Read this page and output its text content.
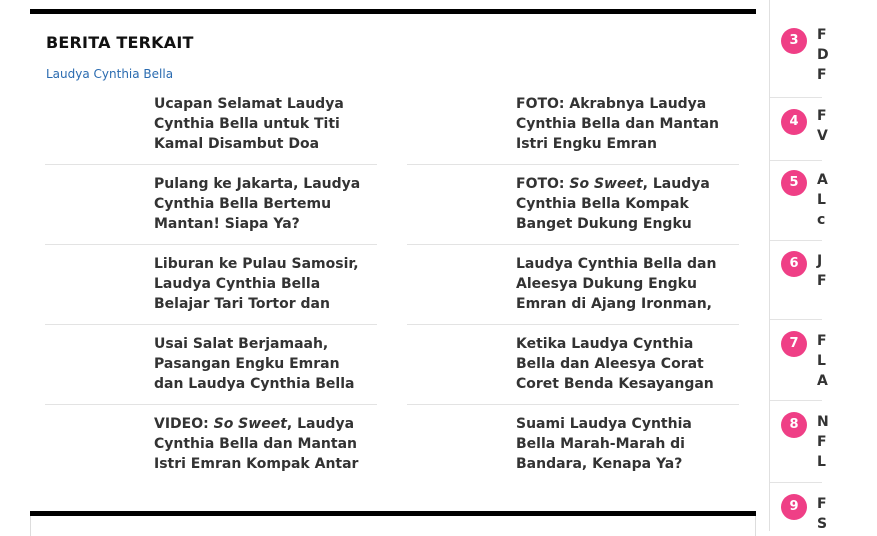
BERITA TERKAIT
Laudya Cynthia Bella

Ucapan Selamat Laudya Cynthia Bella untuk Titi Kamal Disambut Doa

Pulang ke Jakarta, Laudya Cynthia Bella Bertemu Mantan! Siapa Ya?

Liburan ke Pulau Samosir, Laudya Cynthia Bella Belajar Tari Tortor dan

Usai Salat Berjamaah, Pasangan Engku Emran dan Laudya Cynthia Bella

VIDEO: So Sweet, Laudya Cynthia Bella dan Mantan Istri Emran Kompak Antar

FOTO: Akrabnya Laudya Cynthia Bella dan Mantan Istri Engku Emran

FOTO: So Sweet, Laudya Cynthia Bella Kompak Banget Dukung Engku

Laudya Cynthia Bella dan Aleesya Dukung Engku Emran di Ajang Ironman,

Ketika Laudya Cynthia Bella dan Aleesya Corat Coret Benda Kesayangan

Suami Laudya Cynthia Bella Marah-Marah di Bandara, Kenapa Ya?

3	F
D
F
4	F
V
5	A
L
c
6	J
F
7	F
L
A
8	N
F
L
9	F
S
